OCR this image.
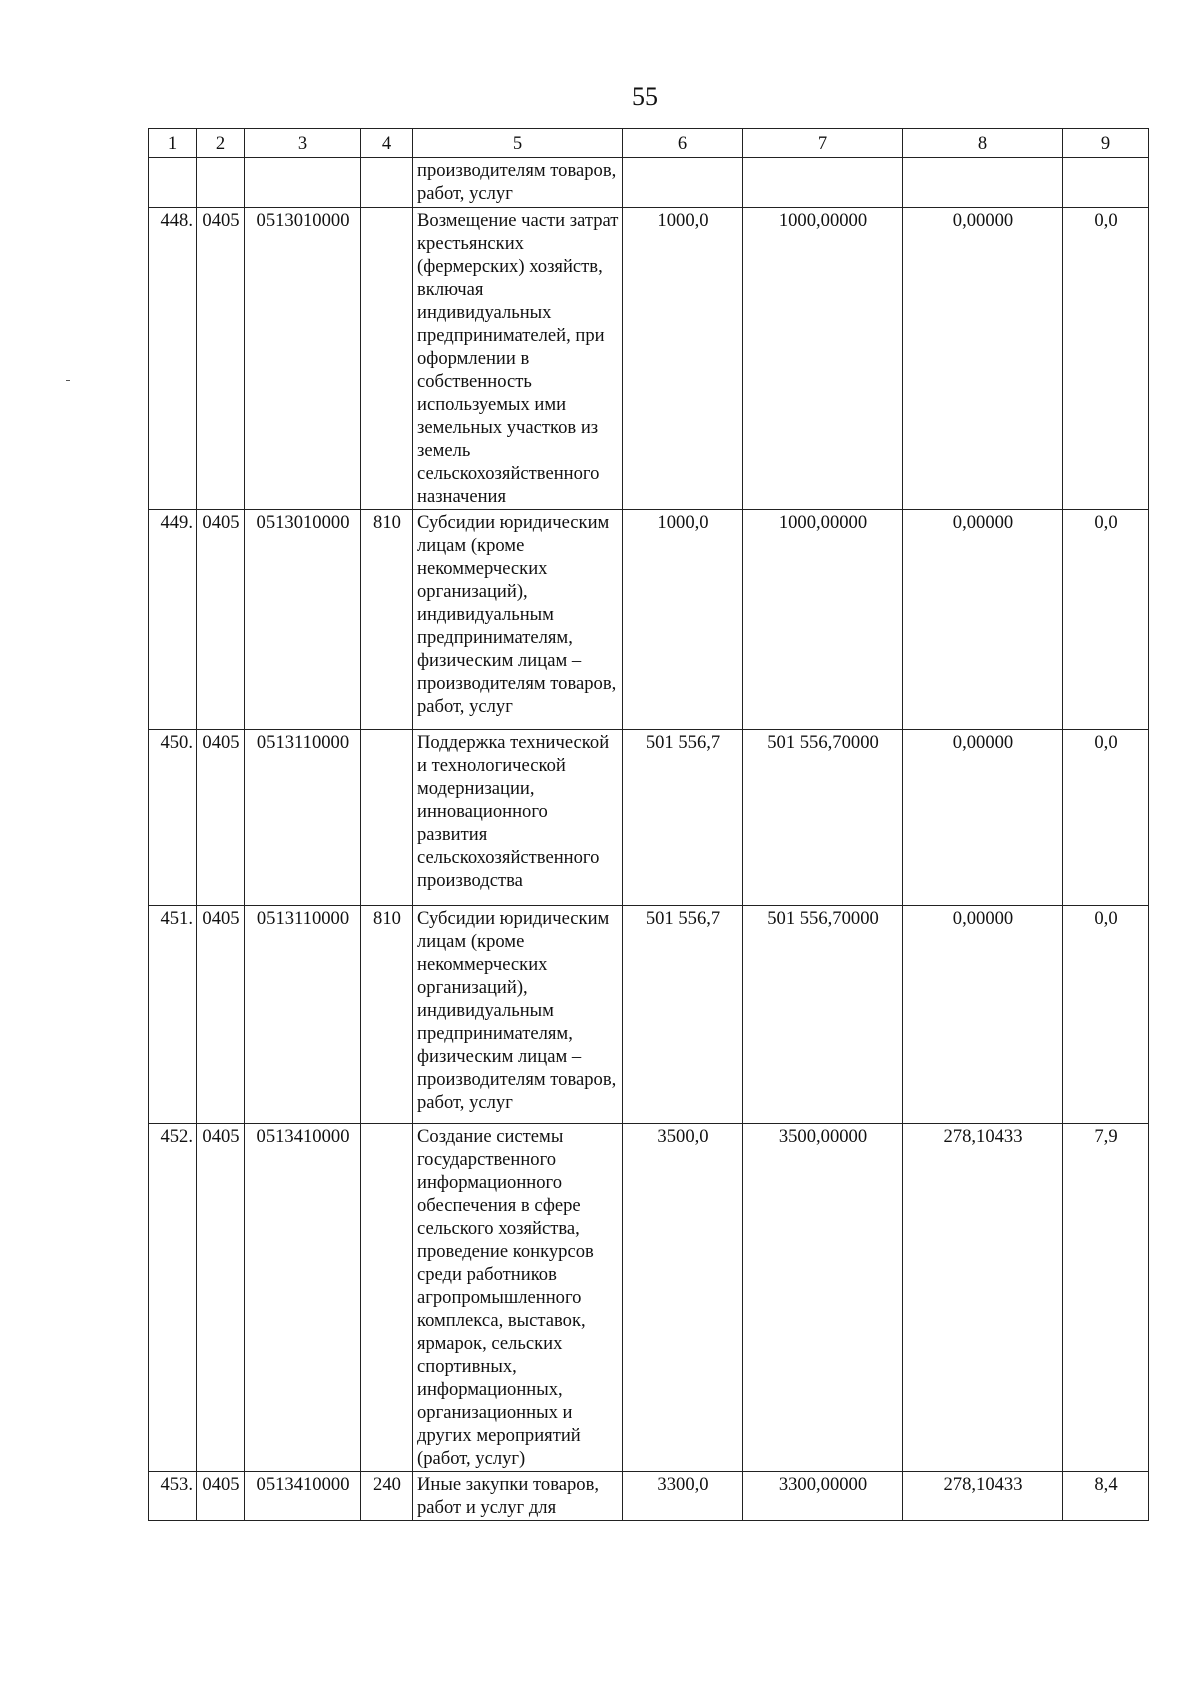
55
1	2	3	4	5	6	7	8	9
				производителям товаров, работ, услуг				
448.	0405	0513010000		Возмещение части затрат крестьянских (фермерских) хозяйств, включая индивидуальных предпринимателей, при оформлении в собственность используемых ими земельных участков из земель сельскохозяйственного назначения	1000,0	1000,00000	0,00000	0,0
449.	0405	0513010000	810	Субсидии юридическим лицам (кроме некоммерческих организаций), индивидуальным предпринимателям, физическим лицам – производителям товаров, работ, услуг	1000,0	1000,00000	0,00000	0,0
450.	0405	0513110000		Поддержка технической и технологической модернизации, инновационного развития сельскохозяйственного производства	501 556,7	501 556,70000	0,00000	0,0
451.	0405	0513110000	810	Субсидии юридическим лицам (кроме некоммерческих организаций), индивидуальным предпринимателям, физическим лицам – производителям товаров, работ, услуг	501 556,7	501 556,70000	0,00000	0,0
452.	0405	0513410000		Создание системы государственного информационного обеспечения в сфере сельского хозяйства, проведение конкурсов среди работников агропромышленного комплекса, выставок, ярмарок, сельских спортивных, информационных, организационных и других мероприятий (работ, услуг)	3500,0	3500,00000	278,10433	7,9
453.	0405	0513410000	240	Иные закупки товаров, работ и услуг для	3300,0	3300,00000	278,10433	8,4
